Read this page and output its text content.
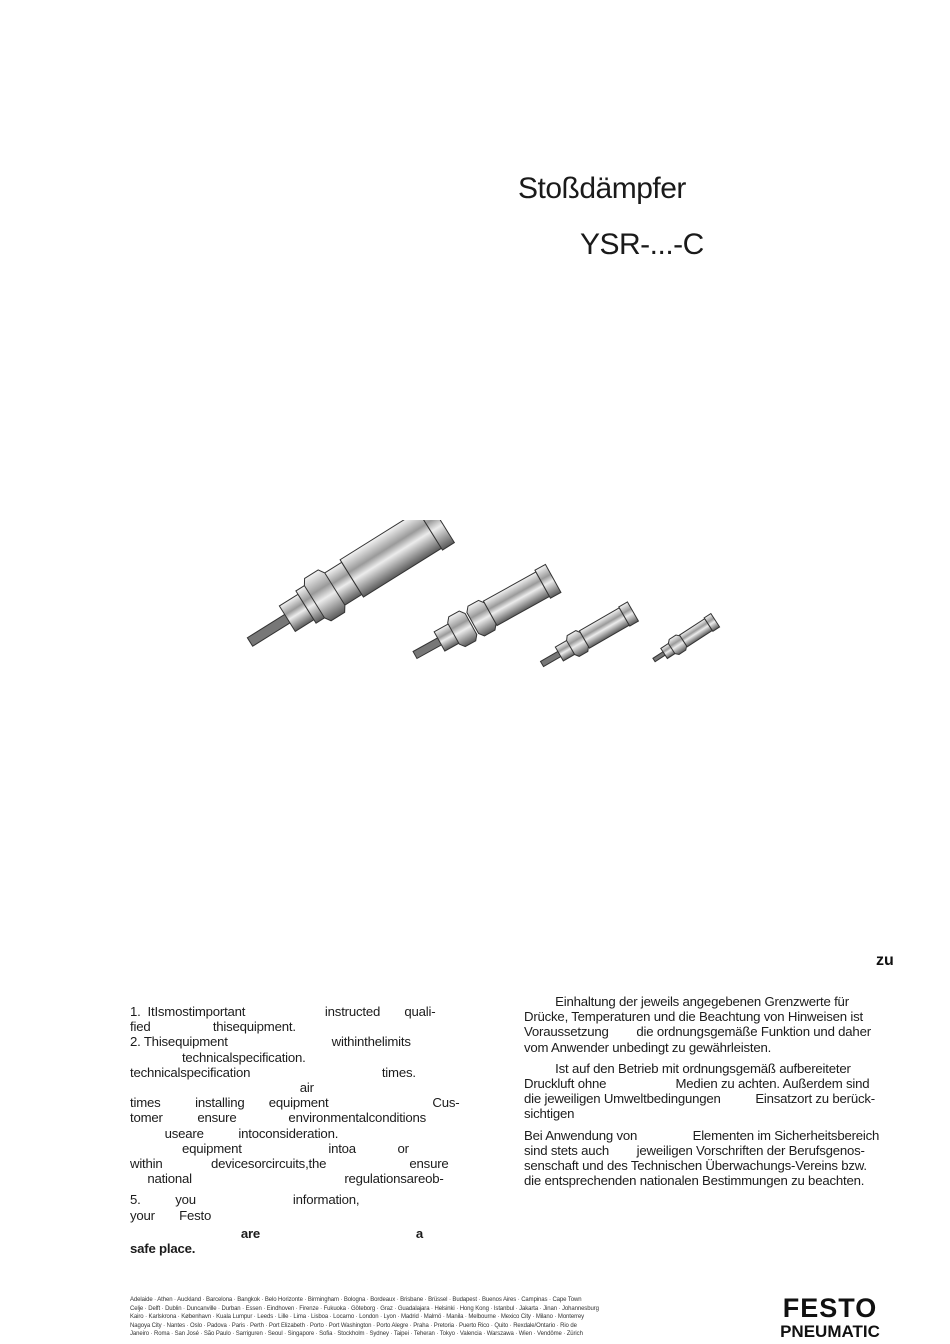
Stoßdämpfer
YSR-...-C
zu
1.  ItIsmostimportant                       instructed       quali-
fied                  thisequipment.
2. Thisequipment                              withinthelimits
technicalspecification.
technicalspecification                                      times.
air
times          installing       equipment                              Cus-
tomer          ensure               environmentalconditions
useare          intoconsideration.
equipment                         intoa            or
within              devicesorcircuits,the                        ensure
national                                            regulationsareob-
5.          you                            information,
your       Festo
are                                             a
safe place.
Einhaltung der jeweils angegebenen Grenzwerte für
Drücke, Temperaturen und die Beachtung von Hinweisen ist
Voraussetzung        die ordnungsgemäße Funktion und daher
vom Anwender unbedingt zu gewährleisten.
Ist auf den Betrieb mit ordnungsgemäß aufbereiteter
Druckluft ohne                    Medien zu achten. Außerdem sind
die jeweiligen Umweltbedingungen          Einsatzort zu berück-
sichtigen
Bei Anwendung von                Elementen im Sicherheitsbereich
sind stets auch        jeweiligen Vorschriften der Berufsgenos-
senschaft und des Technischen Überwachungs-Vereins bzw.
die entsprechenden nationalen Bestimmungen zu beachten.
Adelaide · Athen · Auckland · Barcelona · Bangkok · Belo Horizonte · Birmingham · Bologna · Bordeaux · Brisbane · Brüssel · Budapest · Buenos Aires · Campinas · Cape Town
Celje · Delft · Dublin · Duncanville · Durban · Essen · Eindhoven · Firenze · Fukuoka · Göteborg · Graz · Guadalajara · Helsinki · Hong Kong · Istanbul · Jakarta · Jinan · Johannesburg
Kairo · Karlskrona · København · Kuala Lumpur · Leeds · Lille · Lima · Lisboa · Locarno · London · Lyon · Madrid · Malmö · Manila · Melbourne · Mexico City · Milano · Monterrey
Nagoya City · Nantes · Oslo · Padova · Paris · Perth · Port Elizabeth · Porto · Port Washington · Porto Alegre · Praha · Pretoria · Puerto Rico · Quito · Rexdale/Ontario · Rio de
Janeiro · Roma · San José · São Paulo · Sarriguren · Seoul · Singapore · Sofia · Stockholm · Sydney · Taipei · Teheran · Tokyo · Valencia · Warszawa · Wien · Vendôme · Zürich
FESTO
PNEUMATIC
